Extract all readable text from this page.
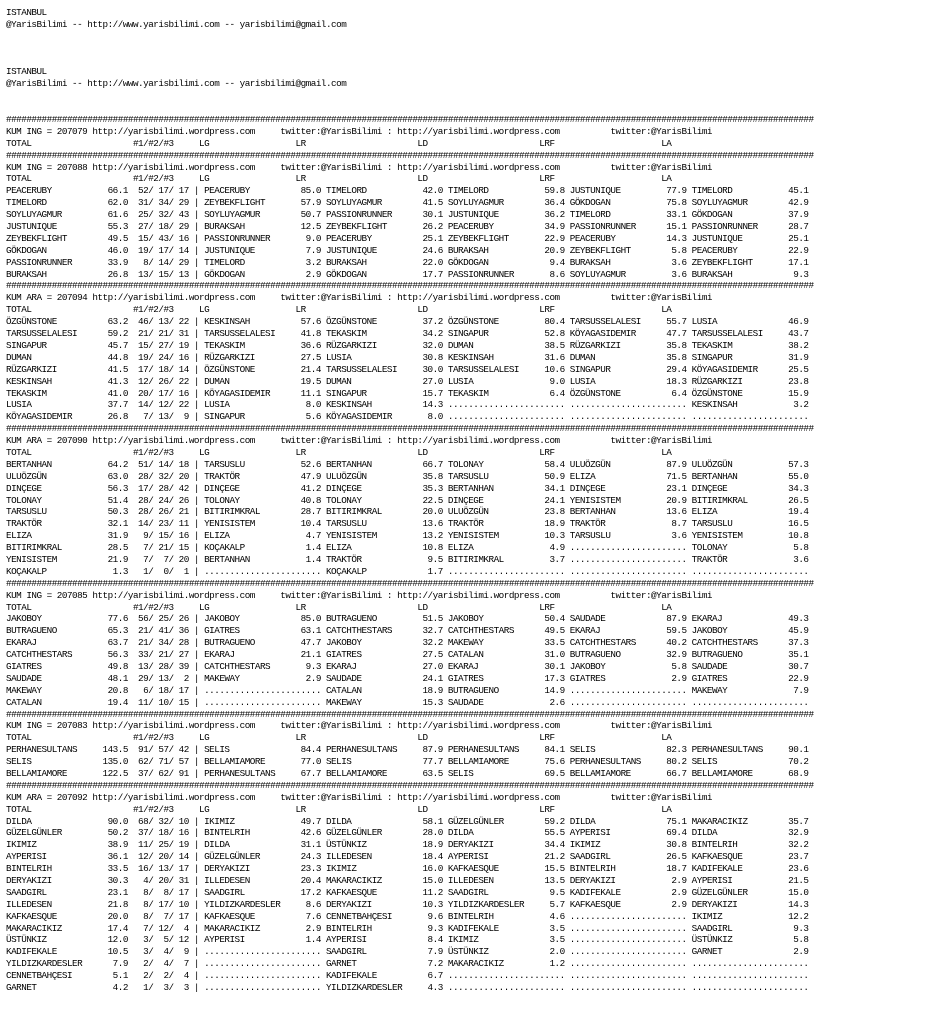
ISTANBUL
@YarisBilimi -- http://www.yarisbilimi.com -- yarisbilimi@gmail.com
ISTANBUL
@YarisBilimi -- http://www.yarisbilimi.com -- yarisbilimi@gmail.com
###############################################################################################################################################################
KUM ING = 207079 http://yarisbilimi.wordpress.com     twitter:@YarisBilimi : http://yarisbilimi.wordpress.com          twitter:@YarisBilimi
TOTAL                    #1/#2/#3     LG                 LR                      LD                      LRF                     LA
###############################################################################################################################################################
KUM ING = 207088 http://yarisbilimi.wordpress.com     twitter:@YarisBilimi : http://yarisbilimi.wordpress.com          twitter:@YarisBilimi
TOTAL                    #1/#2/#3     LG                 LR                      LD                      LRF                     LA
PEACERUBY           66.1  52/ 17/ 17 | PEACERUBY          85.0 TIMELORD           42.0 TIMELORD           59.8 JUSTUNIQUE         77.9 TIMELORD           45.1
TIMELORD            62.0  31/ 34/ 29 | ZEYBEKFLIGHT       57.9 SOYLUYAGMUR        41.5 SOYLUYAGMUR        36.4 GÖKDOGAN           75.8 SOYLUYAGMUR        42.9
SOYLUYAGMUR         61.6  25/ 32/ 43 | SOYLUYAGMUR        50.7 PASSIONRUNNER      30.1 JUSTUNIQUE         36.2 TIMELORD           33.1 GÖKDOGAN           37.9
JUSTUNIQUE          55.3  27/ 18/ 29 | BURAKSAH           12.5 ZEYBEKFLIGHT       26.2 PEACERUBY          34.9 PASSIONRUNNER      15.1 PASSIONRUNNER      28.7
ZEYBEKFLIGHT        49.5  15/ 43/ 16 | PASSIONRUNNER       9.0 PEACERUBY          25.1 ZEYBEKFLIGHT       22.9 PEACERUBY          14.3 JUSTUNIQUE         25.1
GÖKDOGAN            46.0  19/ 17/ 14 | JUSTUNIQUE          7.9 JUSTUNIQUE         24.6 BURAKSAH           20.9 ZEYBEKFLIGHT        5.8 PEACERUBY          22.9
PASSIONRUNNER       33.9   8/ 14/ 29 | TIMELORD            3.2 BURAKSAH           22.0 GÖKDOGAN            9.4 BURAKSAH            3.6 ZEYBEKFLIGHT       17.1
BURAKSAH            26.8  13/ 15/ 13 | GÖKDOGAN            2.9 GÖKDOGAN           17.7 PASSIONRUNNER       8.6 SOYLUYAGMUR         3.6 BURAKSAH            9.3
###############################################################################################################################################################
KUM ARA = 207094 http://yarisbilimi.wordpress.com     twitter:@YarisBilimi : http://yarisbilimi.wordpress.com          twitter:@YarisBilimi
TOTAL                    #1/#2/#3     LG                 LR                      LD                      LRF                     LA
ÖZGÜNSTONE          63.2  46/ 13/ 22 | KESKINSAH          57.6 ÖZGÜNSTONE         37.2 ÖZGÜNSTONE         80.4 TARSUSSELALESI     55.7 LUSIA              46.9
TARSUSSELALESI      59.2  21/ 21/ 31 | TARSUSSELALESI     41.8 TEKASKIM           34.2 SINGAPUR           52.8 KÖYAGASIDEMIR      47.7 TARSUSSELALESI     43.7
SINGAPUR            45.7  15/ 27/ 19 | TEKASKIM           36.6 RÜZGARKIZI         32.0 DUMAN              38.5 RÜZGARKIZI         35.8 TEKASKIM           38.2
DUMAN               44.8  19/ 24/ 16 | RÜZGARKIZI         27.5 LUSIA              30.8 KESKINSAH          31.6 DUMAN              35.8 SINGAPUR           31.9
RÜZGARKIZI          41.5  17/ 18/ 14 | ÖZGÜNSTONE         21.4 TARSUSSELALESI     30.0 TARSUSSELALESI     10.6 SINGAPUR           29.4 KÖYAGASIDEMIR      25.5
KESKINSAH           41.3  12/ 26/ 22 | DUMAN              19.5 DUMAN              27.0 LUSIA               9.0 LUSIA              18.3 RÜZGARKIZI         23.8
TEKASKIM            41.0  20/ 17/ 16 | KÖYAGASIDEMIR      11.1 SINGAPUR           15.7 TEKASKIM            6.4 ÖZGÜNSTONE          6.4 ÖZGÜNSTONE         15.9
LUSIA               37.7  14/ 12/ 22 | LUSIA               8.0 KESKINSAH          14.3 ....................... ....................... KESKINSAH           3.2
KÖYAGASIDEMIR       26.8   7/ 13/  9 | SINGAPUR            5.6 KÖYAGASIDEMIR       8.0 ....................... ....................... .......................
###############################################################################################################################################################
KUM ARA = 207090 http://yarisbilimi.wordpress.com     twitter:@YarisBilimi : http://yarisbilimi.wordpress.com          twitter:@YarisBilimi
TOTAL                    #1/#2/#3     LG                 LR                      LD                      LRF                     LA
BERTANHAN           64.2  51/ 14/ 18 | TARSUSLU           52.6 BERTANHAN          66.7 TOLONAY            58.4 ULUÖZGÜN           87.9 ULUÖZGÜN           57.3
ULUÖZGÜN            63.0  28/ 32/ 20 | TRAKTÖR            47.9 ULUÖZGÜN           35.8 TARSUSLU           50.9 ELIZA              71.5 BERTANHAN          55.0
DINÇEGE             56.3  17/ 28/ 42 | DINÇEGE            41.2 DINÇEGE            35.3 BERTANHAN          34.1 DINÇEGE            23.1 DINÇEGE            34.3
TOLONAY             51.4  28/ 24/ 26 | TOLONAY            40.8 TOLONAY            22.5 DINÇEGE            24.1 YENISISTEM         20.9 BITIRIMKRAL        26.5
TARSUSLU            50.3  28/ 26/ 21 | BITIRIMKRAL        28.7 BITIRIMKRAL        20.0 ULUÖZGÜN           23.8 BERTANHAN          13.6 ELIZA              19.4
TRAKTÖR             32.1  14/ 23/ 11 | YENISISTEM         10.4 TARSUSLU           13.6 TRAKTÖR            18.9 TRAKTÖR             8.7 TARSUSLU           16.5
ELIZA               31.9   9/ 15/ 16 | ELIZA               4.7 YENISISTEM         13.2 YENISISTEM         10.3 TARSUSLU            3.6 YENISISTEM         10.8
BITIRIMKRAL         28.5   7/ 21/ 15 | KOÇAKALP            1.4 ELIZA              10.8 ELIZA               4.9 ....................... TOLONAY             5.8
YENISISTEM          21.9   7/  7/ 20 | BERTANHAN           1.4 TRAKTÖR             9.5 BITIRIMKRAL         3.7 ....................... TRAKTÖR             3.6
KOÇAKALP             1.3   1/  0/  1 | ....................... KOÇAKALP            1.7 ....................... ....................... .......................
###############################################################################################################################################################
KUM ING = 207085 http://yarisbilimi.wordpress.com     twitter:@YarisBilimi : http://yarisbilimi.wordpress.com          twitter:@YarisBilimi
TOTAL                    #1/#2/#3     LG                 LR                      LD                      LRF                     LA
JAKOBOY             77.6  56/ 25/ 26 | JAKOBOY            85.0 BUTRAGUENO         51.5 JAKOBOY            50.4 SAUDADE            87.9 EKARAJ             49.3
BUTRAGUENO          65.3  21/ 41/ 36 | GIATRES            63.1 CATCHTHESTARS      32.7 CATCHTHESTARS      49.5 EKARAJ             59.5 JAKOBOY            45.9
EKARAJ              63.7  21/ 34/ 28 | BUTRAGUENO         47.7 JAKOBOY            32.2 MAKEWAY            33.5 CATCHTHESTARS      40.2 CATCHTHESTARS      37.3
CATCHTHESTARS       56.3  33/ 21/ 27 | EKARAJ             21.1 GIATRES            27.5 CATALAN            31.0 BUTRAGUENO         32.9 BUTRAGUENO         35.1
GIATRES             49.8  13/ 28/ 39 | CATCHTHESTARS       9.3 EKARAJ             27.0 EKARAJ             30.1 JAKOBOY             5.8 SAUDADE            30.7
SAUDADE             48.1  29/ 13/  2 | MAKEWAY             2.9 SAUDADE            24.1 GIATRES            17.3 GIATRES             2.9 GIATRES            22.9
MAKEWAY             20.8   6/ 18/ 17 | ....................... CATALAN            18.9 BUTRAGUENO         14.9 ....................... MAKEWAY             7.9
CATALAN             19.4  11/ 10/ 15 | ....................... MAKEWAY            15.3 SAUDADE             2.6 ....................... .......................
###############################################################################################################################################################
KUM ING = 207083 http://yarisbilimi.wordpress.com     twitter:@YarisBilimi : http://yarisbilimi.wordpress.com          twitter:@YarisBilimi
TOTAL                    #1/#2/#3     LG                 LR                      LD                      LRF                     LA
PERHANESULTANS     143.5  91/ 57/ 42 | SELIS              84.4 PERHANESULTANS     87.9 PERHANESULTANS     84.1 SELIS              82.3 PERHANESULTANS     90.1
SELIS              135.0  62/ 71/ 57 | BELLAMIAMORE       77.0 SELIS              77.7 BELLAMIAMORE       75.6 PERHANESULTANS     80.2 SELIS              70.2
BELLAMIAMORE       122.5  37/ 62/ 91 | PERHANESULTANS     67.7 BELLAMIAMORE       63.5 SELIS              69.5 BELLAMIAMORE       66.7 BELLAMIAMORE       68.9
###############################################################################################################################################################
KUM ARA = 207092 http://yarisbilimi.wordpress.com     twitter:@YarisBilimi : http://yarisbilimi.wordpress.com          twitter:@YarisBilimi
TOTAL                    #1/#2/#3     LG                 LR                      LD                      LRF                     LA
DILDA               90.0  68/ 32/ 10 | IKIMIZ             49.7 DILDA              58.1 GÜZELGÜNLER        59.2 DILDA              75.1 MAKARACIKIZ        35.7
GÜZELGÜNLER         50.2  37/ 18/ 16 | BINTELRIH          42.6 GÜZELGÜNLER        28.0 DILDA              55.5 AYPERISI           69.4 DILDA              32.9
IKIMIZ              38.9  11/ 25/ 19 | DILDA              31.1 ÜSTÜNKIZ           18.9 DERYAKIZI          34.4 IKIMIZ             30.8 BINTELRIH          32.2
AYPERISI            36.1  12/ 20/ 14 | GÜZELGÜNLER        24.3 ILLEDESEN          18.4 AYPERISI           21.2 SAADGIRL           26.5 KAFKAESQUE         23.7
BINTELRIH           33.5  16/ 13/ 17 | DERYAKIZI          23.3 IKIMIZ             16.0 KAFKAESQUE         15.5 BINTELRIH          18.7 KADIFEKALE         23.6
DERYAKIZI           30.3   4/ 20/ 31 | ILLEDESEN          20.4 MAKARACIKIZ        15.0 ILLEDESEN          13.5 DERYAKIZI           2.9 AYPERISI           21.5
SAADGIRL            23.1   8/  8/ 17 | SAADGIRL           17.2 KAFKAESQUE         11.2 SAADGIRL            9.5 KADIFEKALE          2.9 GÜZELGÜNLER        15.0
ILLEDESEN           21.8   8/ 17/ 10 | YILDIZKARDESLER     8.6 DERYAKIZI          10.3 YILDIZKARDESLER     5.7 KAFKAESQUE          2.9 DERYAKIZI          14.3
KAFKAESQUE          20.0   8/  7/ 17 | KAFKAESQUE          7.6 CENNETBAHÇESI       9.6 BINTELRIH           4.6 ....................... IKIMIZ             12.2
MAKARACIKIZ         17.4   7/ 12/  4 | MAKARACIKIZ         2.9 BINTELRIH           9.3 KADIFEKALE          3.5 ....................... SAADGIRL            9.3
ÜSTÜNKIZ            12.0   3/  5/ 12 | AYPERISI            1.4 AYPERISI            8.4 IKIMIZ              3.5 ....................... ÜSTÜNKIZ            5.8
KADIFEKALE          10.5   3/  4/  9 | ....................... SAADGIRL            7.9 ÜSTÜNKIZ            2.0 ....................... GARNET              2.9
YILDIZKARDESLER      7.9   2/  4/  7 | ....................... GARNET              7.2 MAKARACIKIZ         1.2 ....................... .......................
CENNETBAHÇESI        5.1   2/  2/  4 | ....................... KADIFEKALE          6.7 ....................... ....................... .......................
GARNET               4.2   1/  3/  3 | ....................... YILDIZKARDESLER     4.3 ....................... ....................... .......................
